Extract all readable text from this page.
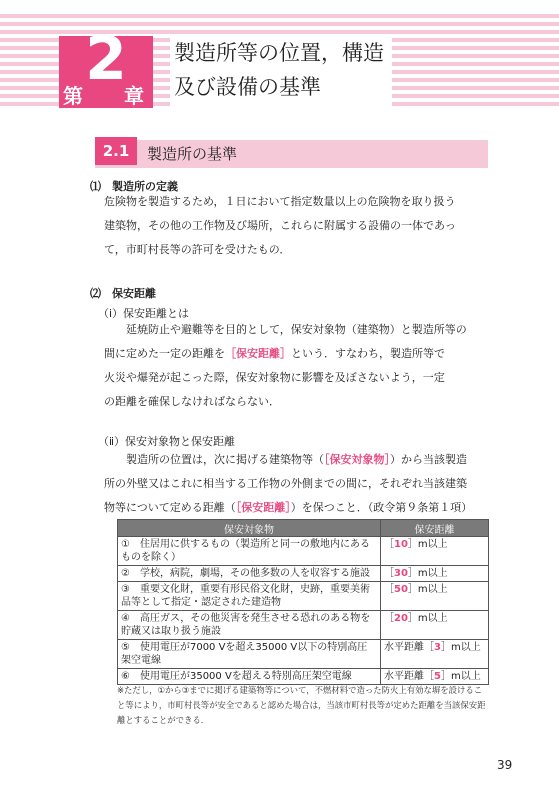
2
第 章
製造所等の位置，構造
及び設備の基準
2.1	製造所の基準
⑴　製造所の定義
危険物を製造するため，１日において指定数量以上の危険物を取り扱う
建築物，その他の工作物及び場所，これらに附属する設備の一体であっ
て，市町村長等の許可を受けたもの．
⑵　保安距離
（ⅰ）保安距離とは
延焼防止や避難等を目的として，保安対象物（建築物）と製造所等の
間に定めた一定の距離を［保安距離］という．すなわち，製造所等で
火災や爆発が起こった際，保安対象物に影響を及ぼさないよう，一定
の距離を確保しなければならない．
（ⅱ）保安対象物と保安距離
製造所の位置は，次に掲げる建築物等（［保安対象物］）から当該製造
所の外壁又はこれに相当する工作物の外側までの間に，それぞれ当該建築
物等について定める距離（［保安距離］）を保つこと．（政令第９条第１項）
保安対象物	保安距離
①　住居用に供するもの（製造所と同一の敷地内にあるものを除く）	［10］m以上
②　学校，病院，劇場，その他多数の人を収容する施設	［30］m以上
③　重要文化財，重要有形民俗文化財，史跡，重要美術品等として指定・認定された建造物	［50］m以上
④　高圧ガス，その他災害を発生させる恐れのある物を貯蔵又は取り扱う施設	［20］m以上
⑤　使用電圧が7000 Vを超え35000 V以下の特別高圧架空電線	水平距離［3］m以上
⑥　使用電圧が35000 Vを超える特別高圧架空電線	水平距離［5］m以上
※ただし，①から③までに掲げる建築物等について，不燃材料で造った防火上有効な塀を設けること等により，市町村長等が安全であると認めた場合は，当該市町村長等が定めた距離を当該保安距離とすることができる．
39
